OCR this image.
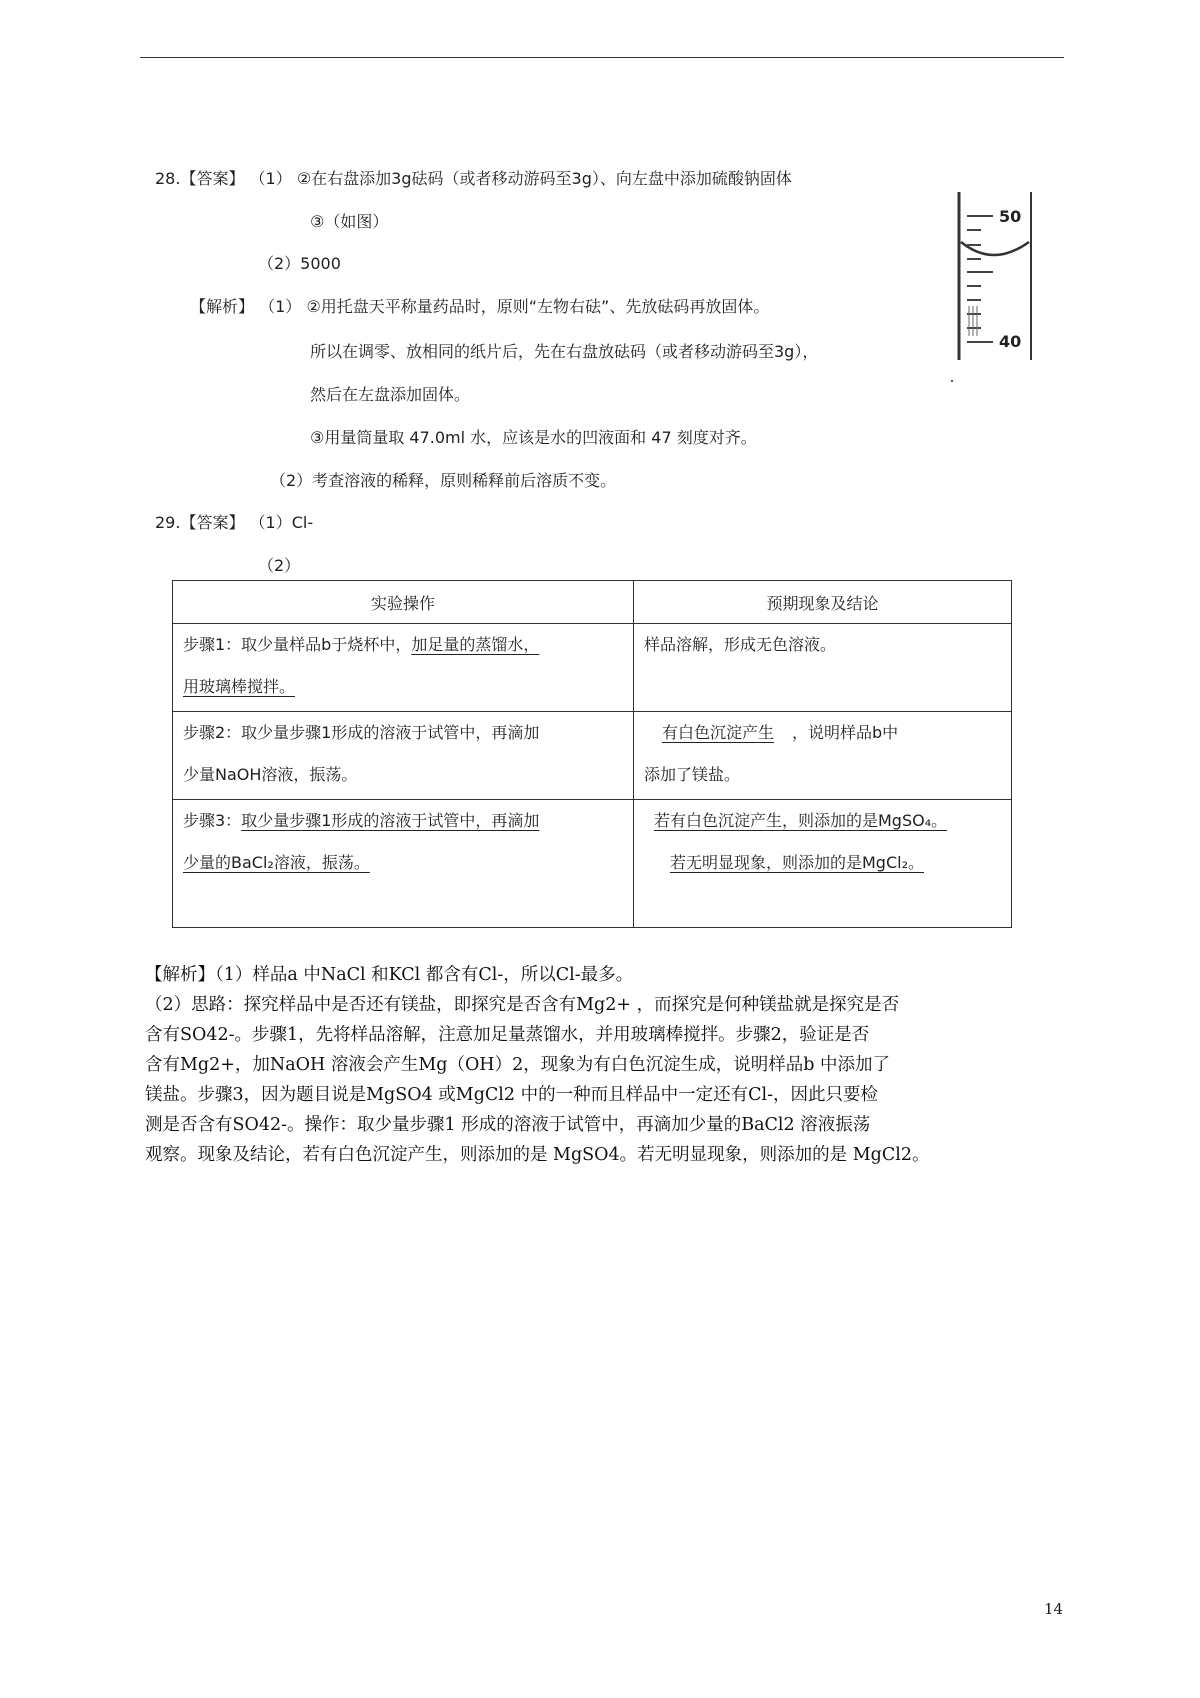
28.【答案】 （1） ②在右盘添加3g砝码（或者移动游码至3g）、向左盘中添加硫酸钠固体
③（如图）
（2）5000
【解析】 （1） ②用托盘天平称量药品时，原则“左物右砝”、先放砝码再放固体。
所以在调零、放相同的纸片后，先在右盘放砝码（或者移动游码至3g），
然后在左盘添加固体。
③用量筒量取 47.0ml 水，应该是水的凹液面和 47 刻度对齐。
（2）考查溶液的稀释，原则稀释前后溶质不变。
50
40
29.【答案】 （1）Cl-
（2）
实验操作	预期现象及结论
步骤1：取少量样品b于烧杯中，加足量的蒸馏水，
用玻璃棒搅拌。	样品溶解，形成无色溶液。
步骤2：取少量步骤1形成的溶液于试管中，再滴加
少量NaOH溶液，振荡。	有白色沉淀产生 ，说明样品b中
添加了镁盐。
步骤3：取少量步骤1形成的溶液于试管中，再滴加
少量的BaCl₂溶液，振荡。	若有白色沉淀产生，则添加的是MgSO₄。
若无明显现象，则添加的是MgCl₂。

【解析】（1）样品a 中NaCl 和KCl 都含有Cl-，所以Cl-最多。

（2）思路：探究样品中是否还有镁盐，即探究是否含有Mg2+ ，而探究是何种镁盐就是探究是否

含有SO42-。步骤1，先将样品溶解，注意加足量蒸馏水，并用玻璃棒搅拌。步骤2，验证是否

含有Mg2+，加NaOH 溶液会产生Mg（OH）2，现象为有白色沉淀生成，说明样品b 中添加了

镁盐。步骤3，因为题目说是MgSO4 或MgCl2 中的一种而且样品中一定还有Cl-，因此只要检

测是否含有SO42-。操作：取少量步骤1 形成的溶液于试管中，再滴加少量的BaCl2 溶液振荡

观察。现象及结论，若有白色沉淀产生，则添加的是 MgSO4。若无明显现象，则添加的是 MgCl2。

14
